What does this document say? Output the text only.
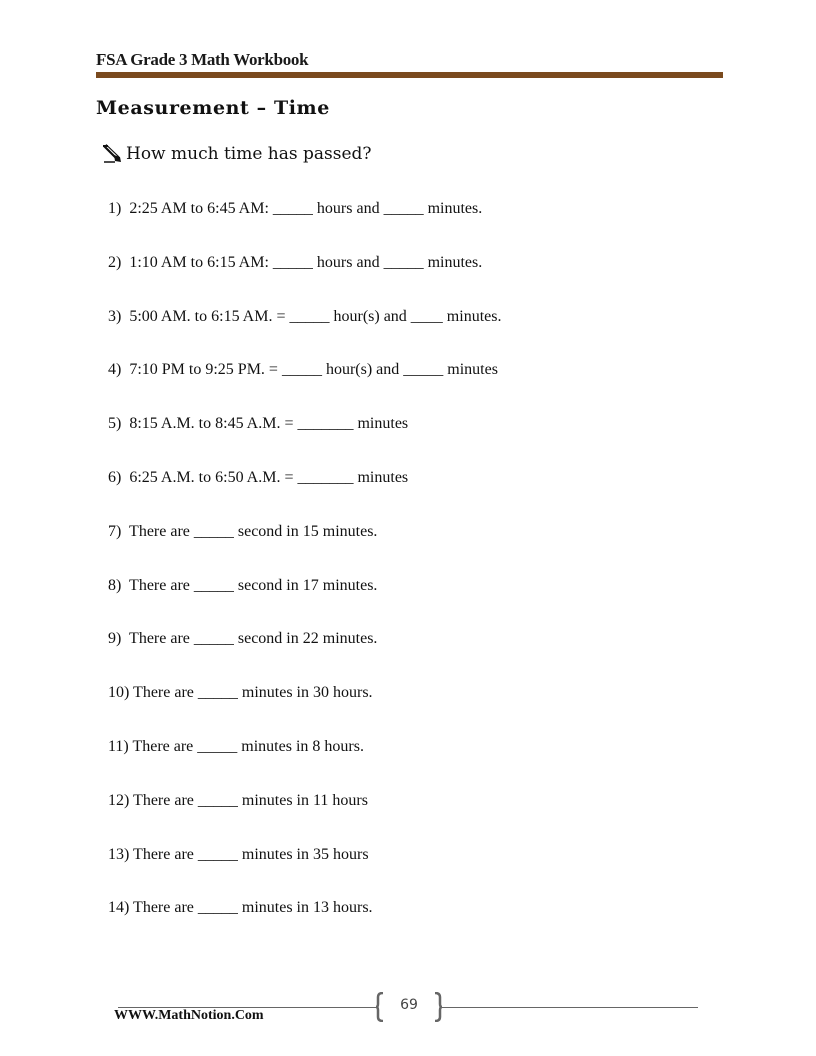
FSA Grade 3 Math Workbook
Measurement – Time
How much time has passed?
1)  2:25 AM to 6:45 AM: _____ hours and _____ minutes.
2)  1:10 AM to 6:15 AM: _____ hours and _____ minutes.
3)  5:00 AM. to 6:15 AM. = _____ hour(s) and ____ minutes.
4)  7:10 PM to 9:25 PM. = _____ hour(s) and _____ minutes
5)  8:15 A.M. to 8:45 A.M. = _______ minutes
6)  6:25 A.M. to 6:50 A.M. = _______ minutes
7)  There are _____ second in 15 minutes.
8)  There are _____ second in 17 minutes.
9)  There are _____ second in 22 minutes.
10) There are _____ minutes in 30 hours.
11) There are _____ minutes in 8 hours.
12) There are _____ minutes in 11 hours
13) There are _____ minutes in 35 hours
14) There are _____ minutes in 13 hours.
69
WWW.MathNotion.Com
